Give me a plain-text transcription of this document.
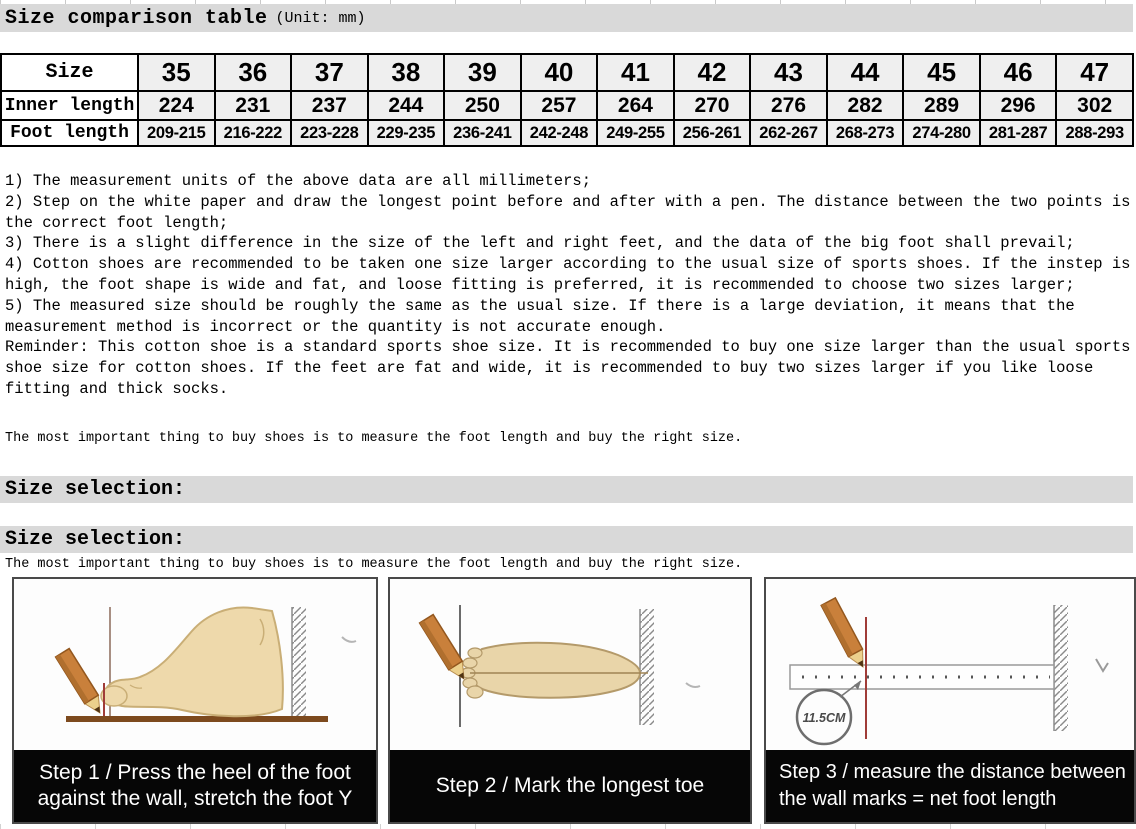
Size comparison table (Unit: mm)
Size	35	36	37	38	39	40	41	42	43	44	45	46	47
Inner length	224	231	237	244	250	257	264	270	276	282	289	296	302
Foot length	209-215	216-222	223-228	229-235	236-241	242-248	249-255	256-261	262-267	268-273	274-280	281-287	288-293

1) The measurement units of the above data are all millimeters;

2) Step on the white paper and draw the longest point before and after with a pen. The distance between the two points is the correct foot length;

3) There is a slight difference in the size of the left and right feet, and the data of the big foot shall prevail;

4) Cotton shoes are recommended to be taken one size larger according to the usual size of sports shoes. If the instep is high, the foot shape is wide and fat, and loose fitting is preferred, it is recommended to choose two sizes larger;

5) The measured size should be roughly the same as the usual size. If there is a large deviation, it means that the measurement method is incorrect or the quantity is not accurate enough.

Reminder: This cotton shoe is a standard sports shoe size. It is recommended to buy one size larger than the usual sports shoe size for cotton shoes. If the feet are fat and wide, it is recommended to buy two sizes larger if you like loose fitting and thick socks.

The most important thing to buy shoes is to measure the foot length and buy the right size.
Size selection:
Size selection:
The most important thing to buy shoes is to measure the foot length and buy the right size.
Step 1 / Press the heel of the foot
against the wall, stretch the foot Y
Step 2 / Mark the longest toe
11.5CM
Step 3 / measure the distance between
the wall marks = net foot length
